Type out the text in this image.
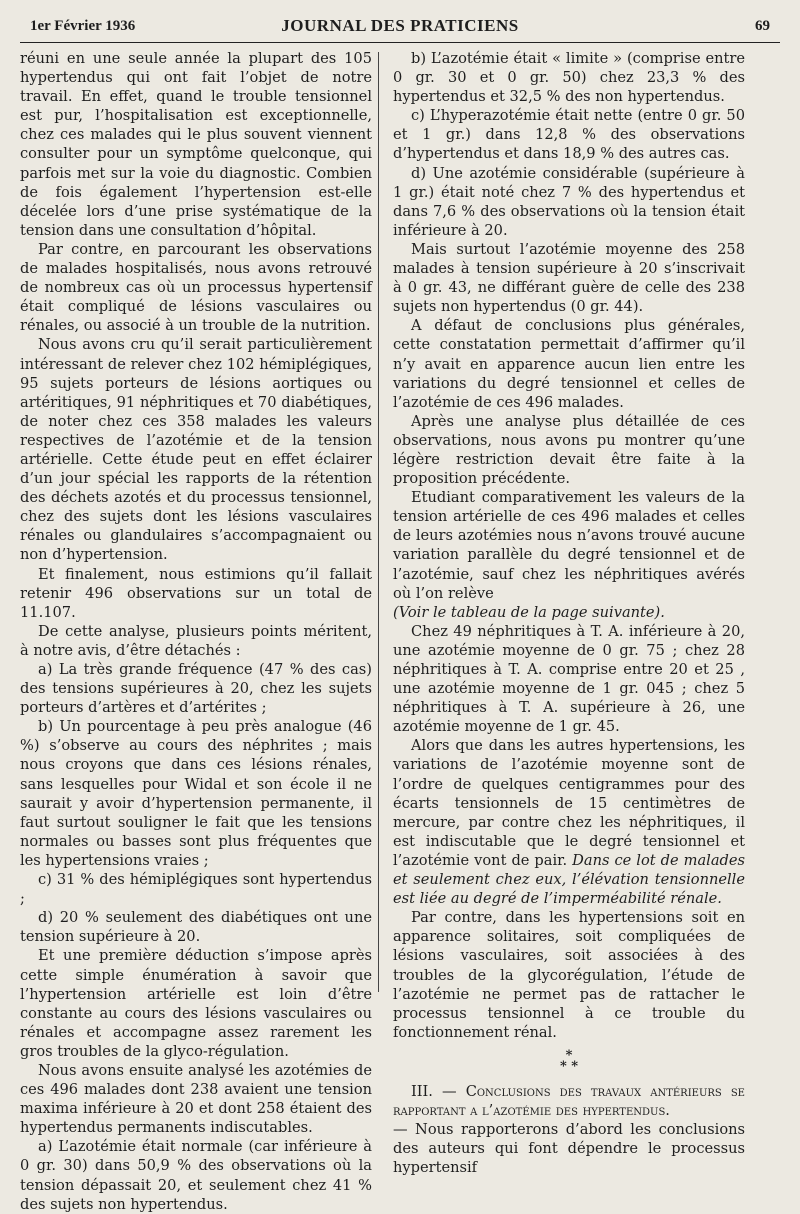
1er Février 1936	JOURNAL DES PRATICIENS	69

réuni en une seule année la plupart des 105 hypertendus qui ont fait l’objet de notre travail. En effet, quand le trouble tensionnel est pur, l’hospitalisation est exceptionnelle, chez ces malades qui le plus souvent viennent consulter pour un symptôme quelconque, qui parfois met sur la voie du diagnostic. Combien de fois également l’hypertension est-elle décelée lors d’une prise systématique de la tension dans une consultation d’hôpital.

Par contre, en parcourant les observations de malades hospitalisés, nous avons retrouvé de nombreux cas où un processus hypertensif était compliqué de lésions vasculaires ou rénales, ou associé à un trouble de la nutrition.

Nous avons cru qu’il serait particulièrement intéressant de relever chez 102 hémiplégiques, 95 sujets porteurs de lésions aortiques ou artéritiques, 91 néphritiques et 70 diabétiques, de noter chez ces 358 malades les valeurs respectives de l’azotémie et de la tension artérielle. Cette étude peut en effet éclairer d’un jour spécial les rapports de la rétention des déchets azotés et du processus tensionnel, chez des sujets dont les lésions vasculaires rénales ou glandulaires s’accompagnaient ou non d’hypertension.

Et finalement, nous estimions qu’il fallait retenir 496 observations sur un total de 11.107.

De cette analyse, plusieurs points méritent, à notre avis, d’être détachés :

a) La très grande fréquence (47 % des cas) des tensions supérieures à 20, chez les sujets porteurs d’artères et d’artérites ;

b) Un pourcentage à peu près analogue (46 %) s’observe au cours des néphrites ; mais nous croyons que dans ces lésions rénales, sans lesquelles pour Widal et son école il ne saurait y avoir d’hypertension permanente, il faut surtout souligner le fait que les tensions normales ou basses sont plus fréquentes que les hypertensions vraies ;

c) 31 % des hémiplégiques sont hypertendus ;

d) 20 % seulement des diabétiques ont une tension supérieure à 20.

Et une première déduction s’impose après cette simple énumération à savoir que l’hypertension artérielle est loin d’être constante au cours des lésions vasculaires ou rénales et accompagne assez rarement les gros troubles de la glyco-régulation.

Nous avons ensuite analysé les azotémies de ces 496 malades dont 238 avaient une tension maxima inférieure à 20 et dont 258 étaient des hypertendus permanents indiscutables.

a) L’azotémie était normale (car inférieure à 0 gr. 30) dans 50,9 % des observations où la tension dépassait 20, et seulement chez 41 % des sujets non hypertendus.

b) L’azotémie était « limite » (comprise entre 0 gr. 30 et 0 gr. 50) chez 23,3 % des hypertendus et 32,5 % des non hypertendus.

c) L’hyperazotémie était nette (entre 0 gr. 50 et 1 gr.) dans 12,8 % des observations d’hypertendus et dans 18,9 % des autres cas.

d) Une azotémie considérable (supérieure à 1 gr.) était noté chez 7 % des hypertendus et dans 7,6 % des observations où la tension était inférieure à 20.

Mais surtout l’azotémie moyenne des 258 malades à tension supérieure à 20 s’inscrivait à 0 gr. 43, ne différant guère de celle des 238 sujets non hypertendus (0 gr. 44).

A défaut de conclusions plus générales, cette constatation permettait d’affirmer qu’il n’y avait en apparence aucun lien entre les variations du degré tensionnel et celles de l’azotémie de ces 496 malades.

Après une analyse plus détaillée de ces observations, nous avons pu montrer qu’une légère restriction devait être faite à la proposition précédente.

Etudiant comparativement les valeurs de la tension artérielle de ces 496 malades et celles de leurs azotémies nous n’avons trouvé aucune variation parallèle du degré tensionnel et de l’azotémie, sauf chez les néphritiques avérés où l’on relève

(Voir le tableau de la page suivante).

Chez 49 néphritiques à T. A. inférieure à 20, une azotémie moyenne de 0 gr. 75 ; chez 28 néphritiques à T. A. comprise entre 20 et 25 , une azotémie moyenne de 1 gr. 045 ; chez 5 néphritiques à T. A. supérieure à 26, une azotémie moyenne de 1 gr. 45.

Alors que dans les autres hypertensions, les variations de l’azotémie moyenne sont de l’ordre de quelques centigrammes pour des écarts tensionnels de 15 centimètres de mercure, par contre chez les néphritiques, il est indiscutable que le degré tensionnel et l’azotémie vont de pair. Dans ce lot de malades et seulement chez eux, l’élévation tensionnelle est liée au degré de l’imperméabilité rénale.

Par contre, dans les hypertensions soit en apparence solitaires, soit compliquées de lésions vasculaires, soit associées à des troubles de la glycorégulation, l’étude de l’azotémie ne permet pas de rattacher le processus tensionnel à ce trouble du fonctionnement rénal.

*
* *

III. — Conclusions des travaux antérieurs se rapportant a l’azotémie des hypertendus.

— Nous rapporterons d’abord les conclusions des auteurs qui font dépendre le processus hypertensif
